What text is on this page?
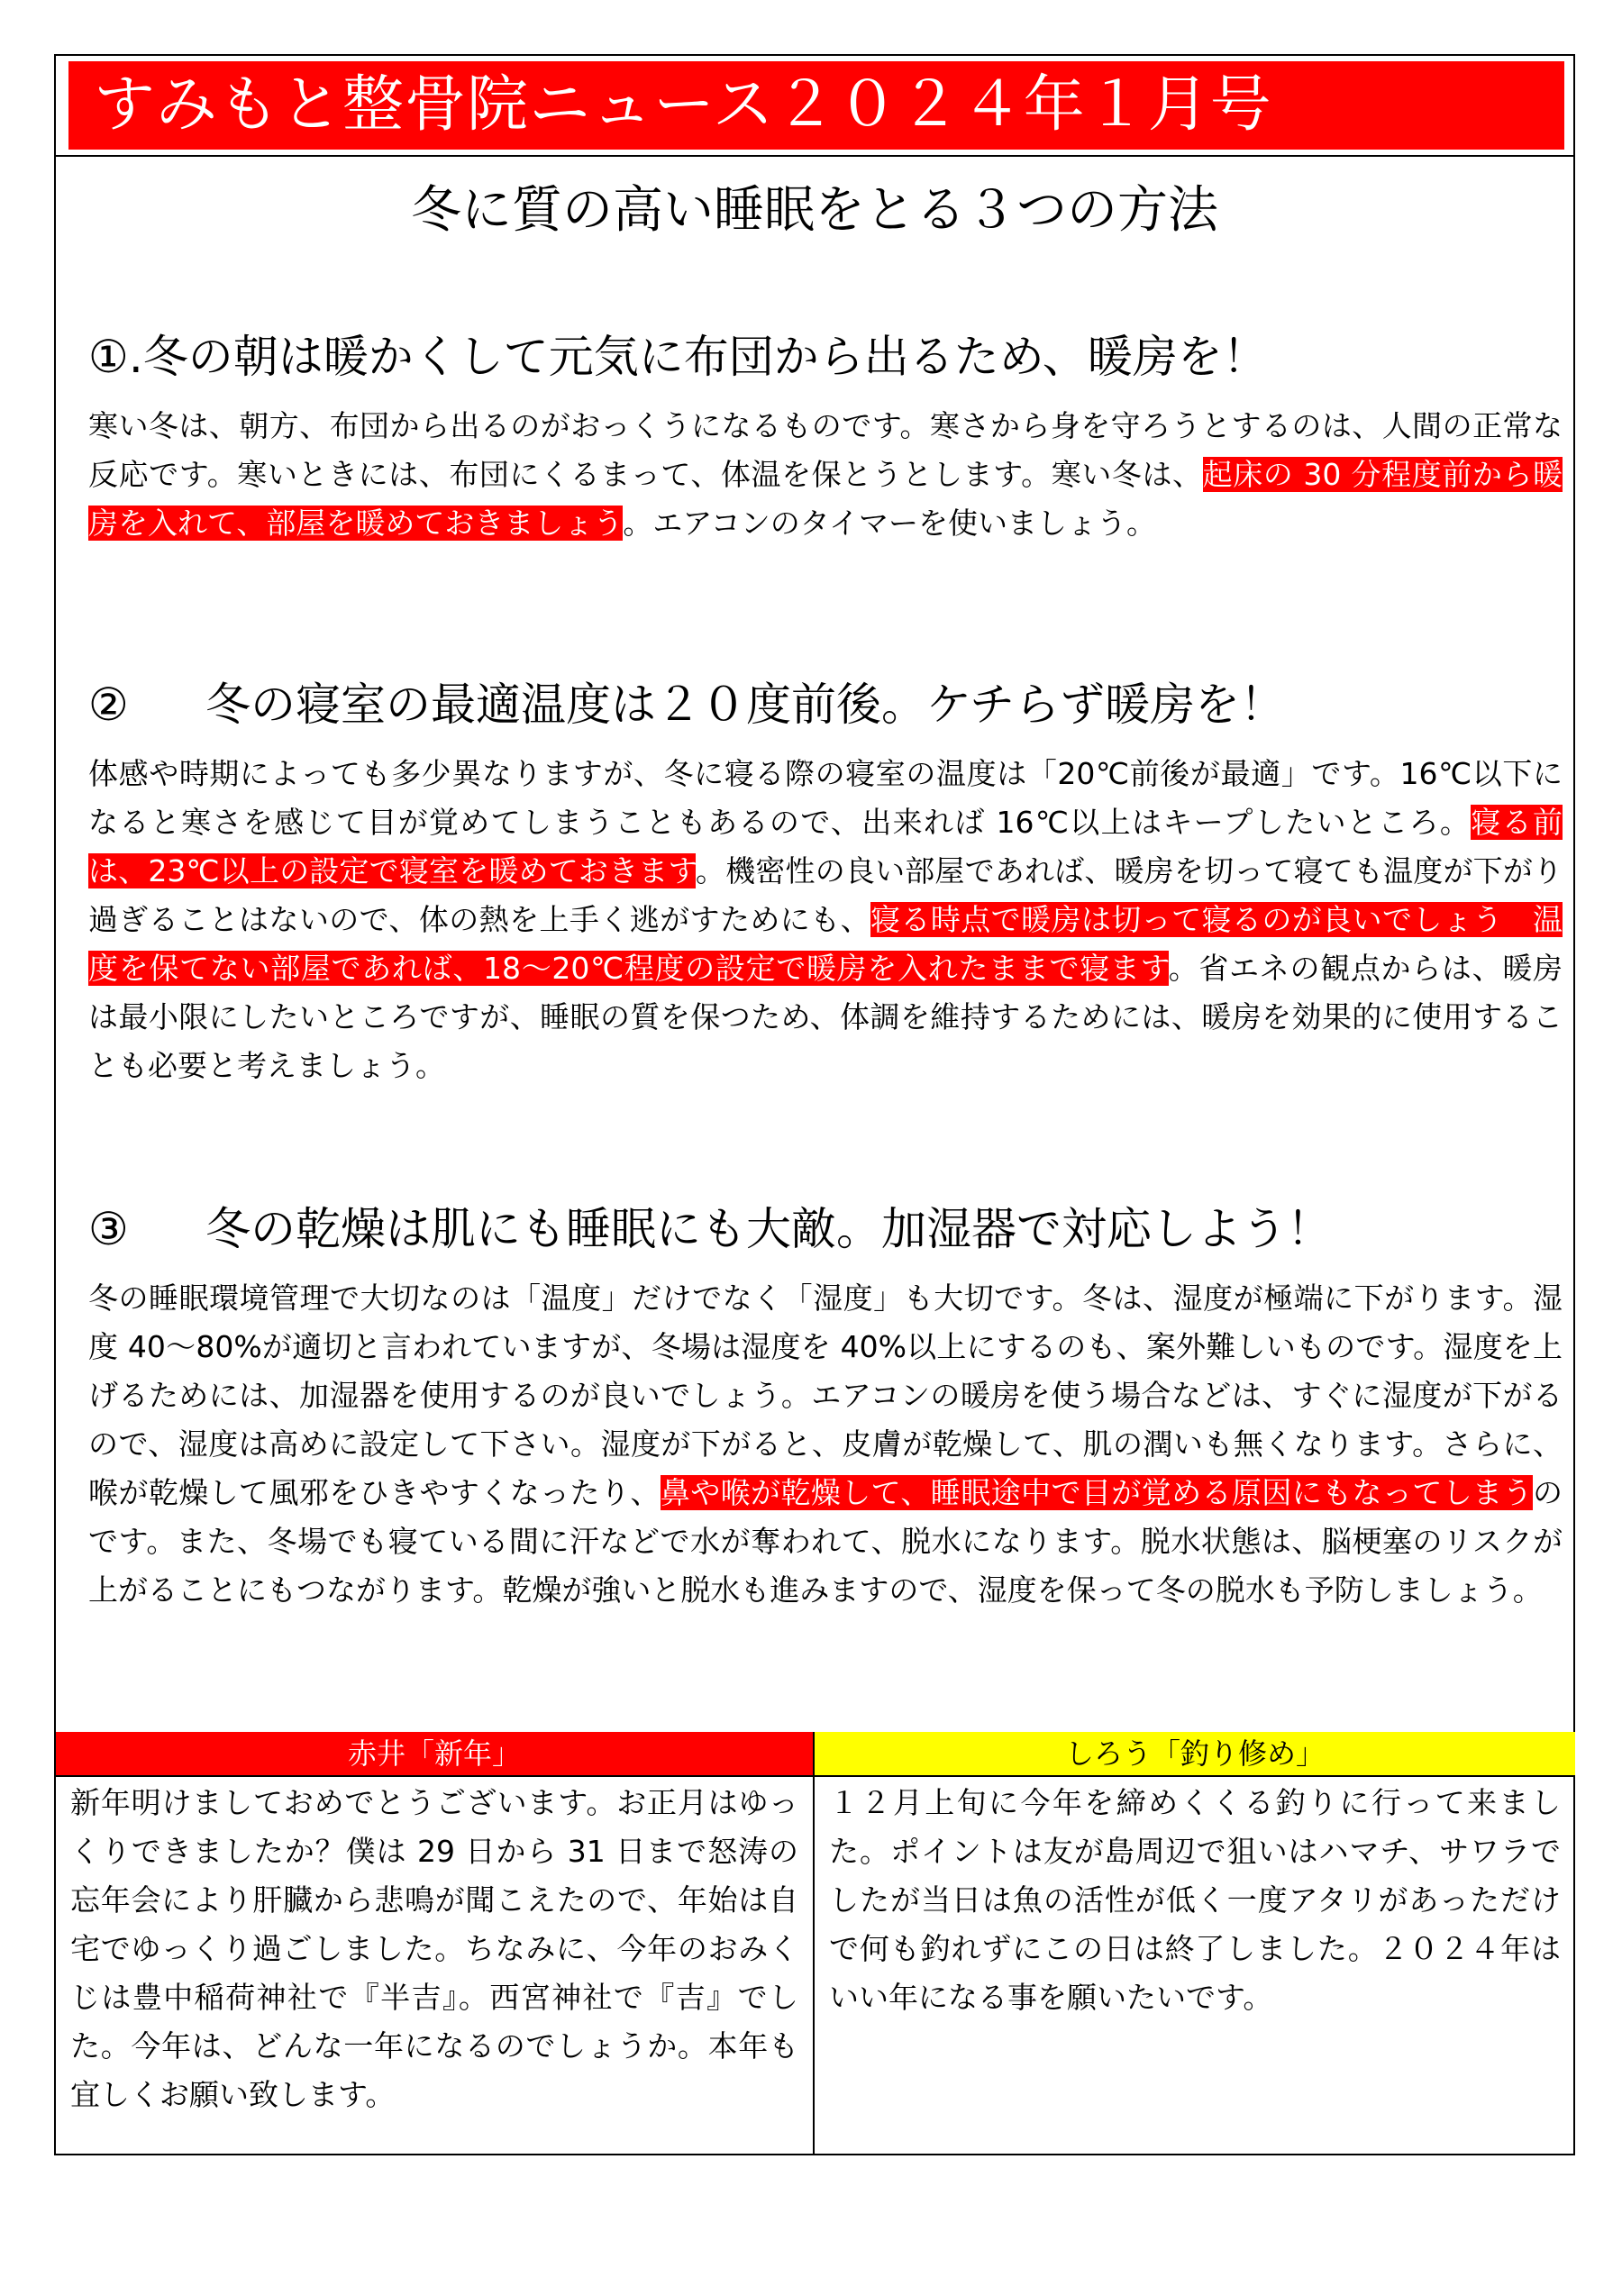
すみもと整骨院ニュース２０２４年１月号
冬に質の高い睡眠をとる３つの方法
①.冬の朝は暖かくして元気に布団から出るため、暖房を！
寒い冬は、朝方、布団から出るのがおっくうになるものです。寒さから身を守ろうとするのは、人間の正常な反応です。寒いときには、布団にくるまって、体温を保とうとします。寒い冬は、起床の 30 分程度前から暖房を入れて、部屋を暖めておきましょう。エアコンのタイマーを使いましょう。
② 冬の寝室の最適温度は２０度前後。ケチらず暖房を！
体感や時期によっても多少異なりますが、冬に寝る際の寝室の温度は「20℃前後が最適」です。16℃以下になると寒さを感じて目が覚めてしまうこともあるので、出来れば 16℃以上はキープしたいところ。寝る前は、23℃以上の設定で寝室を暖めておきます。機密性の良い部屋であれば、暖房を切って寝ても温度が下がり過ぎることはないので、体の熱を上手く逃がすためにも、寝る時点で暖房は切って寝るのが良いでしょう　温度を保てない部屋であれば、18～20℃程度の設定で暖房を入れたままで寝ます。省エネの観点からは、暖房は最小限にしたいところですが、睡眠の質を保つため、体調を維持するためには、暖房を効果的に使用することも必要と考えましょう。
③ 冬の乾燥は肌にも睡眠にも大敵。加湿器で対応しよう！
冬の睡眠環境管理で大切なのは「温度」だけでなく「湿度」も大切です。冬は、湿度が極端に下がります。湿度 40～80%が適切と言われていますが、冬場は湿度を 40%以上にするのも、案外難しいものです。湿度を上げるためには、加湿器を使用するのが良いでしょう。エアコンの暖房を使う場合などは、すぐに湿度が下がるので、湿度は高めに設定して下さい。湿度が下がると、皮膚が乾燥して、肌の潤いも無くなります。さらに、喉が乾燥して風邪をひきやすくなったり、鼻や喉が乾燥して、睡眠途中で目が覚める原因にもなってしまうのです。また、冬場でも寝ている間に汗などで水が奪われて、脱水になります。脱水状態は、脳梗塞のリスクが上がることにもつながります。乾燥が強いと脱水も進みますので、湿度を保って冬の脱水も予防しましょう。
赤井「新年」
新年明けましておめでとうございます。お正月はゆっくりできましたか？僕は 29 日から 31 日まで怒涛の忘年会により肝臓から悲鳴が聞こえたので、年始は自宅でゆっくり過ごしました。ちなみに、今年のおみくじは豊中稲荷神社で『半吉』。西宮神社で『吉』でした。今年は、どんな一年になるのでしょうか。本年も宜しくお願い致します。
しろう「釣り修め」
１２月上旬に今年を締めくくる釣りに行って来ました。ポイントは友が島周辺で狙いはハマチ、サワラでしたが当日は魚の活性が低く一度アタリがあっただけで何も釣れずにこの日は終了しました。２０２４年はいい年になる事を願いたいです。
